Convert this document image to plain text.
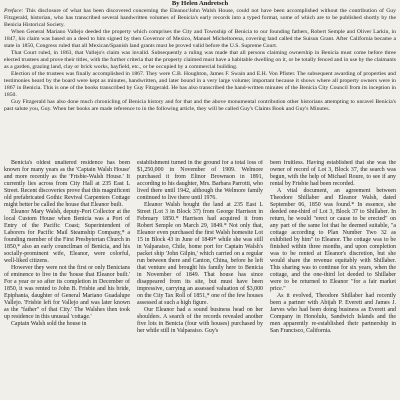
By Helen Andretsch

Preface: This disclosure of what has been discovered concerning the Eleanor/John Walsh House, could not have been accomplished without the contribution of Guy Fitzgerald, historian, who has transcribed several handwritten volumes of Benicia's early records into a typed format, some of which are to be published shortly by the Benicia Historical Society.

When General Mariano Vallejo deeded the property which comprises the City and Township of Benicia to our founding fathers, Robert Semple and Oliver Larkin, in 1847, his claim was based on a deed to him signed by then Governor of Mexico, Manuel Micheltorena, covering land called the Suisun Grant. After California became a state in 1850, Congress ruled that all Mexican/Spanish land grants must be proved valid before the U.S. Supreme Court.

That Court ruled, in 1863, that Vallejo's claim was invalid. Subsequently a ruling was made that all persons claiming ownership in Benicia must come before three elected trustees and prove their titles, with the further criteria that the property claimed must have a habitable dwelling on it, or be totally fenced and in use by the claimants as a garden, grazing land, clay or brick works, hayfield, etc., or be occupied by a commercial building.

Election of the trustees was finally accomplished in 1867. They were C.B. Houghton, James F. Swain and E.H. Von Pfister. The subsequent awarding of properties and testimonies heard by the board were kept as minutes, handwritten, and later bound in a very large volume; important because it shows where all property owners were in 1867 in Benicia. This is one of the books transcribed by Guy Fitzgerald. He has also transcribed the hand-written minutes of the Benicia City Council from its inception in 1850.

Guy Fitzgerald has also done much chronicling of Benicia history and for that and the above monumental contribution other historians attempting to unravel Benicia's past salute you, Guy. When her books are made reference to in the following article, they will be called Guy's Claims Book and Guy's Minutes.

Benicia's oldest unaltered residence has been known for many years as the 'Captain Walsh House' and more recently as the 'Frisbie-Walsh House.' It currently lies across from City Hall at 235 East L Street. Recent discoveries prove that this magnificent old prefabricated Gothic Revival Carpenters Cottage might better be called the house that Eleanor built.

Eleanor Mary Walsh, deputy-Port Collector at the local Custom House when Benicia was a Port of Entry of the Pacific Coast; Superintendent of Laborers for Pacific Mail Steamship Company,* a founding member of the First Presbyterian Church in 1850,* also an early councilman of Benicia, and his socially-prominent wife, Eleanor, were colorful, well-liked citizens.

However they were not the first or only Benicians of eminence to live in the 'house that Eleanor built.' For a year or so after its completion in December of 1850, it was rented to John B. Frisbie and his bride, Epiphania, daughter of General Mariano Guadalupe Vallejo. 'Frisbie left for Vallejo and was later known as the "father" of that City.' The Walshes then took up residence in this unusual 'cottage.'

Captain Walsh sold the house in

establishment turned in the ground for a total loss of $1,250,000 in November of 1909. Welmore purchased it from Elinor Brownson in 1891, according to his daughter, Mrs. Barbara Parrotti, who lived there until 1942, although the Welmore family continued to live there until 1976.

Eleanor Walsh bought the land at 235 East L Street (Lot 3 in Block 37) from George Harrison in February 1850.* Harrison had acquired it from Robert Semple on March 29, 1849.* Not only that, Eleanor even purchased the first Walsh homesite Lot 15 in Block 43 in June of 1849* while she was still in Valparaiso, Chile, home port for Captain Walsh's packet ship 'John Gilpin,' which carried on a regular run between there and Canton, China, before he left that venture and brought his family here to Benicia in November of 1849. That house has since disappeared from its site, but must have been impressive, carrying an assessed valuation of $3,000 on the City Tax Roll of 1851,* one of the few houses assessed at such a high figure.

Our Eleanor had a sound business head on her shoulders. A search of the records revealed another five lots in Benicia (four with houses) purchased by her while still in Valparaiso. Guy's

been fruitless. Having established that she was the owner of record of Lot 3, Block 37, the search was begun, with the help of Michael Roure, to see if any rental by Frisbie had been recorded.

A vital document, an agreement between Theodore Shillaber and Eleanor Walsh, dated September 06, 1850 was found.* In essence, she deeded one-third of Lot 3, Block 37 to Shillaber. In return, he would "erect or cause to be erected" on any part of the same lot that he deemed suitable, "a cottage according to Plan Number Two 32 as exhibited by him" to Eleanor. The cottage was to be finished within three months, and upon completion was to be rented at Eleanor's discretion, but she would share the revenue equitably with Shillaber. This sharing was to continue for six years, when the cottage, and the one-third lot deeded to Shillaber were to be returned to Eleanor "for a fair market price."

As it evolved, Theodore Shillaber had recently been a partner with Abijah P. Everett and James J. Jarves who had been doing business as Everett and Company in Honolulu, Sandwich Islands and the men apparently re-established their partnership in San Francisco, California.
